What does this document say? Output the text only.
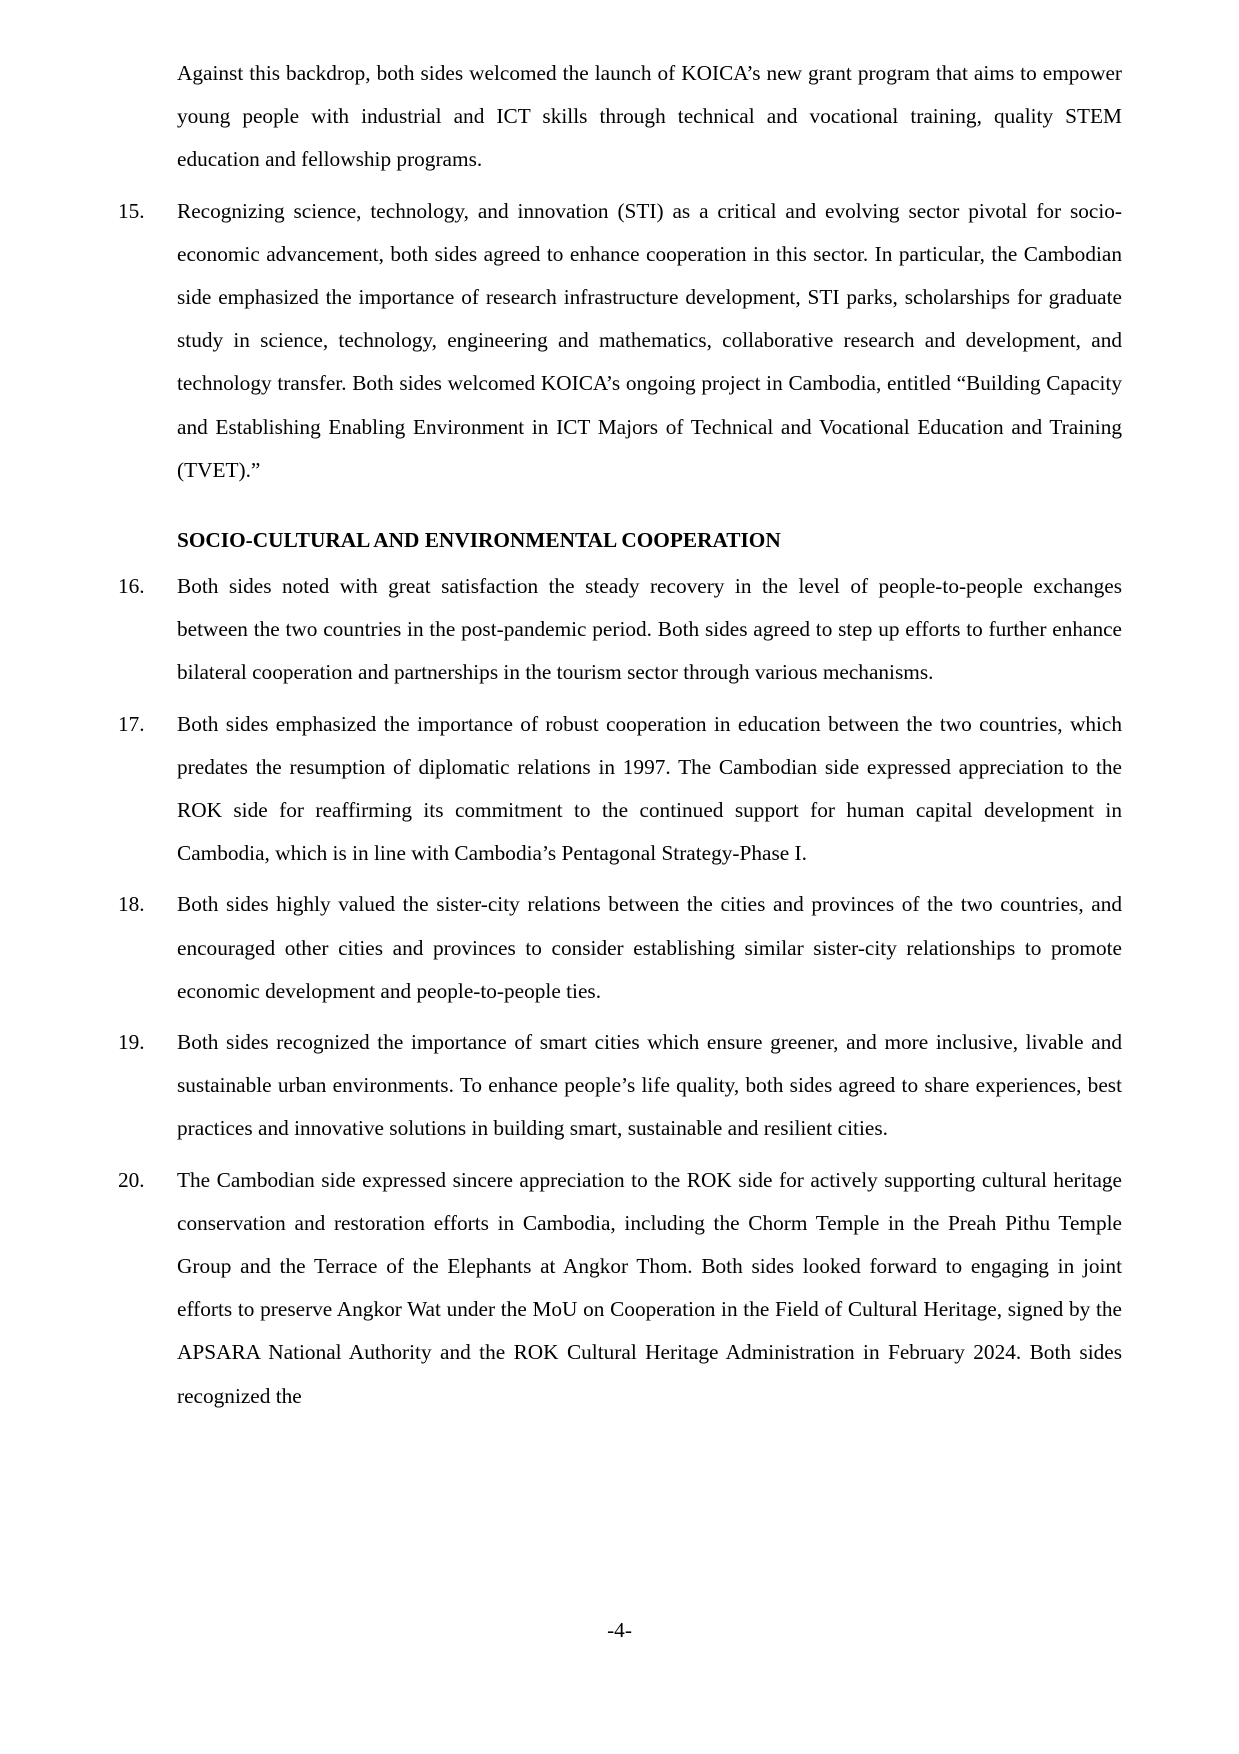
Against this backdrop, both sides welcomed the launch of KOICA’s new grant program that aims to empower young people with industrial and ICT skills through technical and vocational training, quality STEM education and fellowship programs.
15. Recognizing science, technology, and innovation (STI) as a critical and evolving sector pivotal for socio-economic advancement, both sides agreed to enhance cooperation in this sector. In particular, the Cambodian side emphasized the importance of research infrastructure development, STI parks, scholarships for graduate study in science, technology, engineering and mathematics, collaborative research and development, and technology transfer. Both sides welcomed KOICA’s ongoing project in Cambodia, entitled “Building Capacity and Establishing Enabling Environment in ICT Majors of Technical and Vocational Education and Training (TVET).”
SOCIO-CULTURAL AND ENVIRONMENTAL COOPERATION
16. Both sides noted with great satisfaction the steady recovery in the level of people-to-people exchanges between the two countries in the post-pandemic period. Both sides agreed to step up efforts to further enhance bilateral cooperation and partnerships in the tourism sector through various mechanisms.
17. Both sides emphasized the importance of robust cooperation in education between the two countries, which predates the resumption of diplomatic relations in 1997. The Cambodian side expressed appreciation to the ROK side for reaffirming its commitment to the continued support for human capital development in Cambodia, which is in line with Cambodia’s Pentagonal Strategy-Phase I.
18. Both sides highly valued the sister-city relations between the cities and provinces of the two countries, and encouraged other cities and provinces to consider establishing similar sister-city relationships to promote economic development and people-to-people ties.
19. Both sides recognized the importance of smart cities which ensure greener, and more inclusive, livable and sustainable urban environments. To enhance people’s life quality, both sides agreed to share experiences, best practices and innovative solutions in building smart, sustainable and resilient cities.
20. The Cambodian side expressed sincere appreciation to the ROK side for actively supporting cultural heritage conservation and restoration efforts in Cambodia, including the Chorm Temple in the Preah Pithu Temple Group and the Terrace of the Elephants at Angkor Thom. Both sides looked forward to engaging in joint efforts to preserve Angkor Wat under the MoU on Cooperation in the Field of Cultural Heritage, signed by the APSARA National Authority and the ROK Cultural Heritage Administration in February 2024. Both sides recognized the
-4-
